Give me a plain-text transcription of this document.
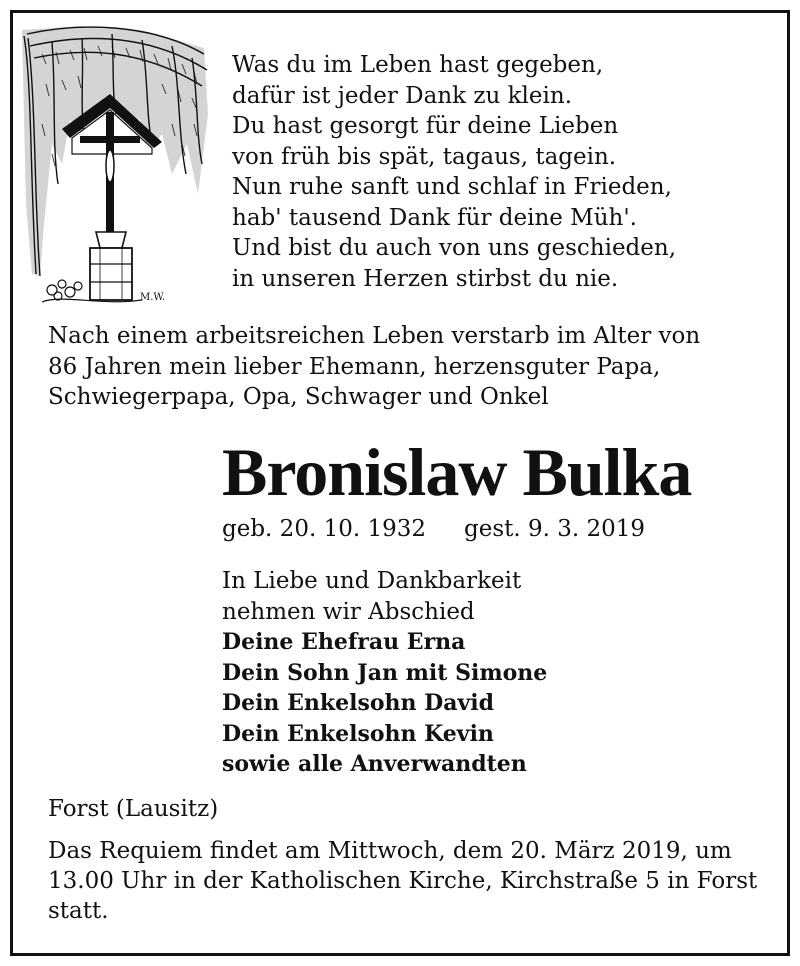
M.W.
Was du im Leben hast gegeben,
dafür ist jeder Dank zu klein.
Du hast gesorgt für deine Lieben
von früh bis spät, tagaus, tagein.
Nun ruhe sanft und schlaf in Frieden,
hab' tausend Dank für deine Müh'.
Und bist du auch von uns geschieden,
in unseren Herzen stirbst du nie.
Nach einem arbeitsreichen Leben verstarb im Alter von
86 Jahren mein lieber Ehemann, herzensguter Papa,
Schwiegerpapa, Opa, Schwager und Onkel
Bronislaw Bulka
geb. 20. 10. 1932 gest. 9. 3. 2019
In Liebe und Dankbarkeit
nehmen wir Abschied
Deine Ehefrau Erna
Dein Sohn Jan mit Simone
Dein Enkelsohn David
Dein Enkelsohn Kevin
sowie alle Anverwandten
Forst (Lausitz)
Das Requiem findet am Mittwoch, dem 20. März 2019, um
13.00 Uhr in der Katholischen Kirche, Kirchstraße 5 in Forst
statt.
